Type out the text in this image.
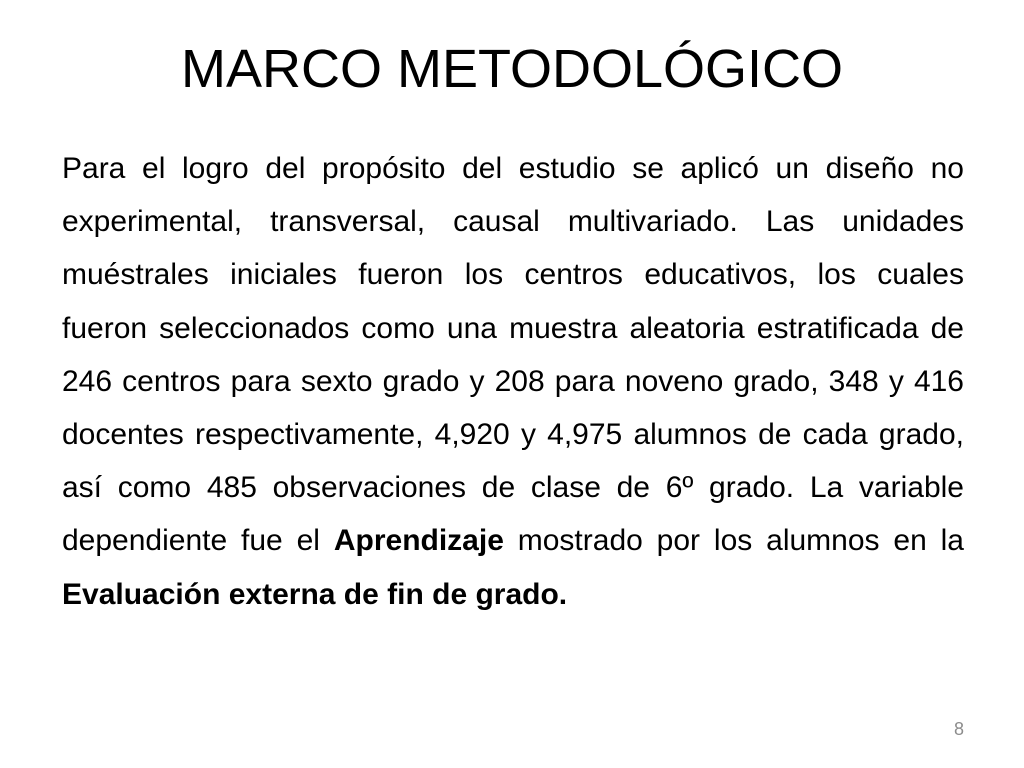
MARCO METODOLÓGICO

Para el logro del propósito del estudio se aplicó un diseño no experimental, transversal, causal multivariado. Las unidades muéstrales iniciales fueron los centros educativos, los cuales fueron seleccionados como una muestra aleatoria estratificada de 246 centros para sexto grado y 208 para noveno grado, 348 y 416 docentes respectivamente, 4,920 y 4,975 alumnos de cada grado, así como 485 observaciones de clase de 6º grado. La variable dependiente fue el Aprendizaje mostrado por los alumnos en la Evaluación externa de fin de grado.

8
